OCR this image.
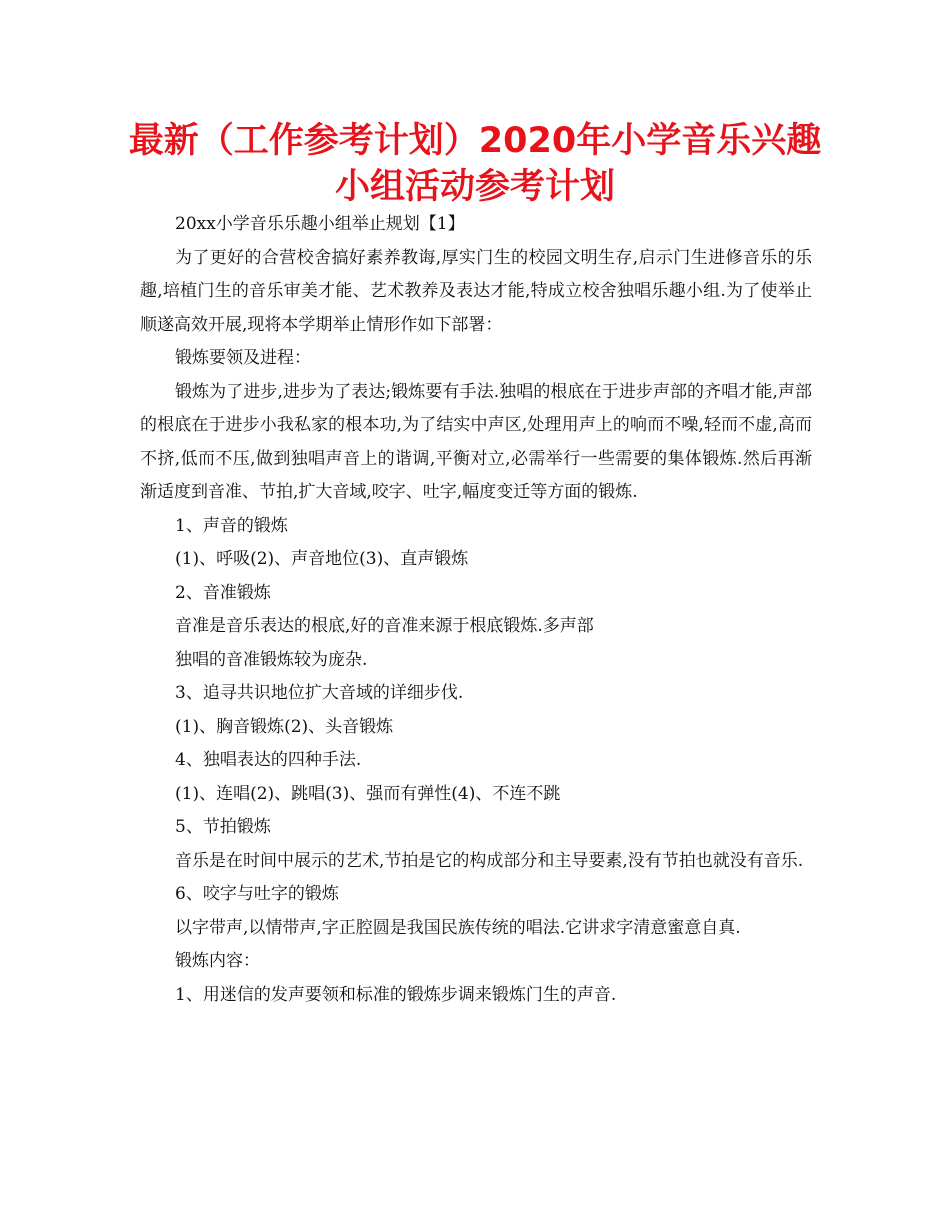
最新（工作参考计划）2020年小学音乐兴趣小组活动参考计划

20xx小学音乐乐趣小组举止规划【1】

为了更好的合营校舍搞好素养教诲,厚实门生的校园文明生存,启示门生进修音乐的乐趣,培植门生的音乐审美才能、艺术教养及表达才能,特成立校舍独唱乐趣小组.为了使举止顺遂高效开展,现将本学期举止情形作如下部署：

锻炼要领及进程：

锻炼为了进步,进步为了表达;锻炼要有手法.独唱的根底在于进步声部的齐唱才能,声部的根底在于进步小我私家的根本功,为了结实中声区,处理用声上的响而不噪,轻而不虚,高而不挤,低而不压,做到独唱声音上的谐调,平衡对立,必需举行一些需要的集体锻炼.然后再渐渐适度到音准、节拍,扩大音域,咬字、吐字,幅度变迁等方面的锻炼.

1、声音的锻炼

(1)、呼吸(2)、声音地位(3)、直声锻炼

2、音准锻炼

音准是音乐表达的根底,好的音准来源于根底锻炼.多声部

独唱的音准锻炼较为庞杂.

3、追寻共识地位扩大音域的详细步伐.

(1)、胸音锻炼(2)、头音锻炼

4、独唱表达的四种手法.

(1)、连唱(2)、跳唱(3)、强而有弹性(4)、不连不跳

5、节拍锻炼

音乐是在时间中展示的艺术,节拍是它的构成部分和主导要素,没有节拍也就没有音乐.

6、咬字与吐字的锻炼

以字带声,以情带声,字正腔圆是我国民族传统的唱法.它讲求字清意蜜意自真.

锻炼内容：

1、用迷信的发声要领和标准的锻炼步调来锻炼门生的声音.
